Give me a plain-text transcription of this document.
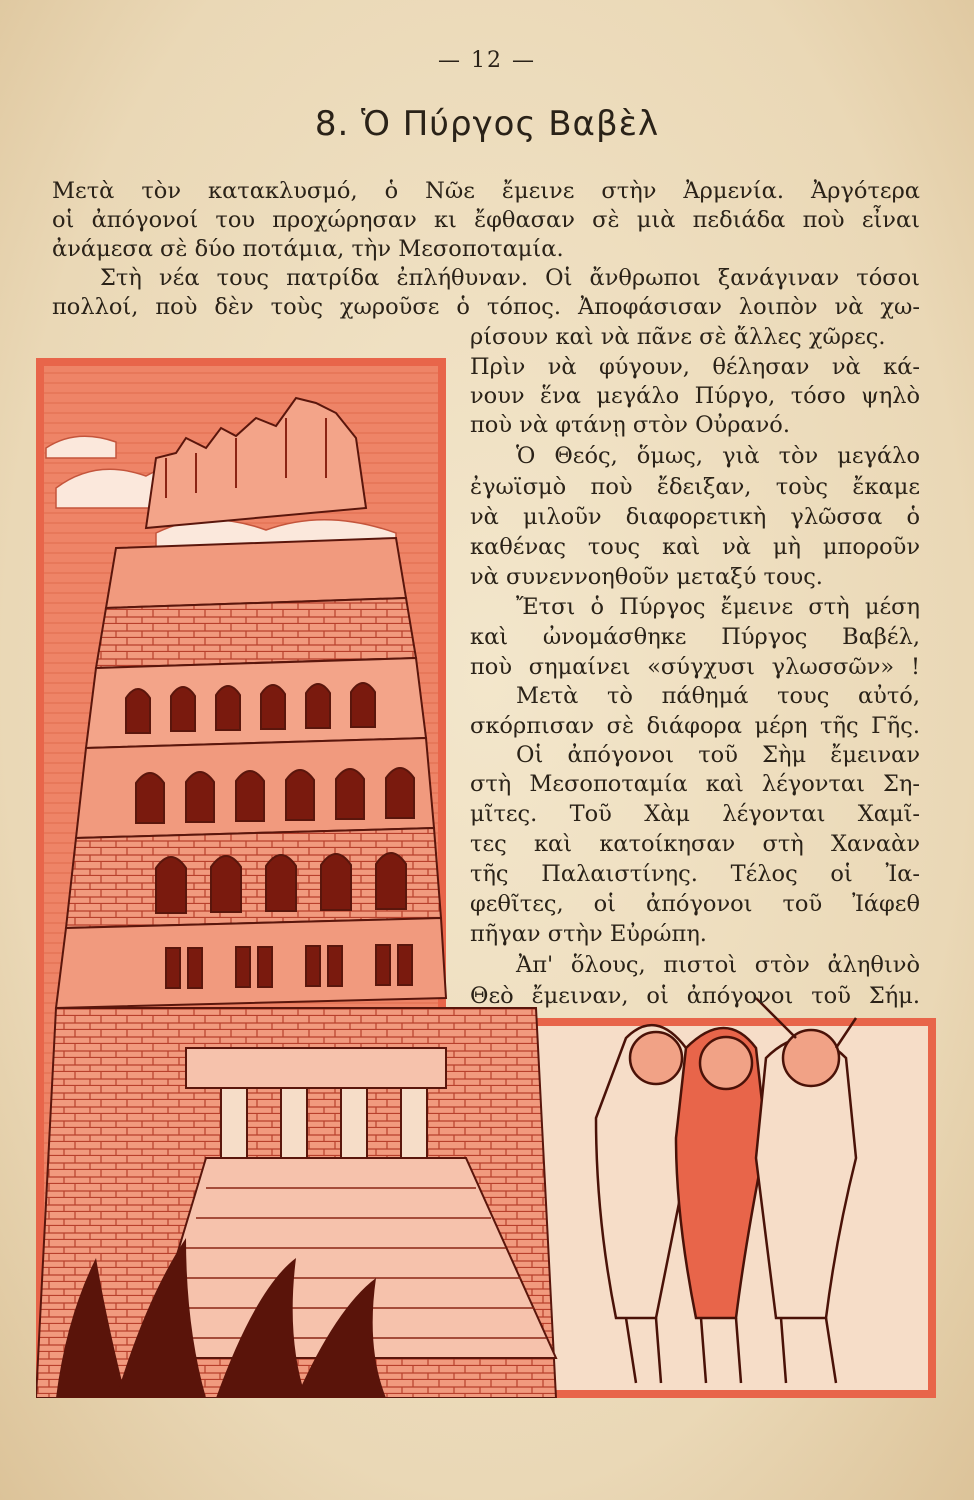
— 12 —
8. Ὁ Πύργος Βαβὲλ
Μετὰ τὸν κατακλυσμό, ὁ Νῶε ἔμεινε στὴν Ἀρμενία. Ἀργότερα
οἱ ἀπόγονοί του προχώρησαν κι ἔφθασαν σὲ μιὰ πεδιάδα ποὺ εἶναι
ἀνάμεσα σὲ δύο ποτάμια, τὴν Μεσοποταμία.
Στὴ νέα τους πατρίδα ἐπλήθυναν. Οἱ ἄνθρωποι ξανάγιναν τόσοι
πολλοί, ποὺ δὲν τοὺς χωροῦσε ὁ τόπος. Ἀποφάσισαν λοιπὸν νὰ χω-
ρίσουν καὶ νὰ πᾶνε σὲ ἄλλες χῶρες.
Πρὶν νὰ φύγουν, θέλησαν νὰ κά-
νουν ἕνα μεγάλο Πύργο, τόσο ψηλὸ
ποὺ νὰ φτάνῃ στὸν Οὐρανό.
Ὁ Θεός, ὅμως, γιὰ τὸν μεγάλο
ἐγωϊσμὸ ποὺ ἔδειξαν, τοὺς ἔκαμε
νὰ μιλοῦν διαφορετικὴ γλῶσσα ὁ
καθένας τους καὶ νὰ μὴ μποροῦν
νὰ συνεννοηθοῦν μεταξύ τους.
Ἔτσι ὁ Πύργος ἔμεινε στὴ μέση
καὶ ὠνομάσθηκε Πύργος Βαβέλ,
ποὺ σημαίνει «σύγχυσι γλωσσῶν» !
Μετὰ τὸ πάθημά τους αὐτό,
σκόρπισαν σὲ διάφορα μέρη τῆς Γῆς.
Οἱ ἀπόγονοι τοῦ Σὴμ ἔμειναν
στὴ Μεσοποταμία καὶ λέγονται Ση-
μῖτες. Τοῦ Χὰμ λέγονται Χαμῖ-
τες καὶ κατοίκησαν στὴ Χαναὰν
τῆς Παλαιστίνης. Τέλος οἱ Ἰα-
φεθῖτες, οἱ ἀπόγονοι τοῦ Ἰάφεθ
πῆγαν στὴν Εὐρώπη.
Ἀπ' ὅλους, πιστοὶ στὸν ἀληθινὸ
Θεὸ ἔμειναν, οἱ ἀπόγονοι τοῦ Σήμ.
